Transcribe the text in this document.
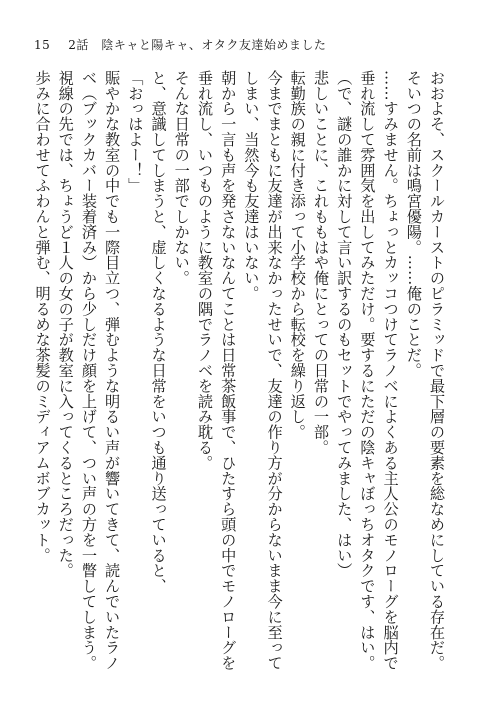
15 2話　陰キャと陽キャ、オタク友達始めました
おおよそ、スクールカーストのピラミッドで最下層の要素を総なめにしている存在だ。
そいつの名前は鳴宮優陽。……俺のことだ。
……すみません。ちょっとカッコつけてラノベによくある主人公のモノローグを脳内で
垂れ流して雰囲気を出してみただけ。要するにただの陰キャぼっちオタクです、はい。
（で、謎の誰かに対して言い訳するのもセットでやってみました、はい）
悲しいことに、これももはや俺にとっての日常の一部。
転勤族の親に付き添って小学校から転校を繰り返し。
今までまともに友達が出来なかったせいで、友達の作り方が分からないまま今に至って
しまい、当然今も友達はいない。
朝から一言も声を発さないなんてことは日常茶飯事で、ひたすら頭の中でモノローグを
垂れ流し、いつものように教室の隅でラノベを読み耽る。
そんな日常の一部でしかない。
と、意識してしまうと、虚しくなるような日常をいつも通り送っていると、
「おっはよー！」
賑やかな教室の中でも一際目立つ、弾むような明るい声が響いてきて、読んでいたラノ
ベ（ブックカバー装着済み）から少しだけ顔を上げて、つい声の方を一瞥してしまう。
視線の先では、ちょうど１人の女の子が教室に入ってくるところだった。
歩みに合わせてふわんと弾む、明るめな茶髪のミディアムボブカット。
